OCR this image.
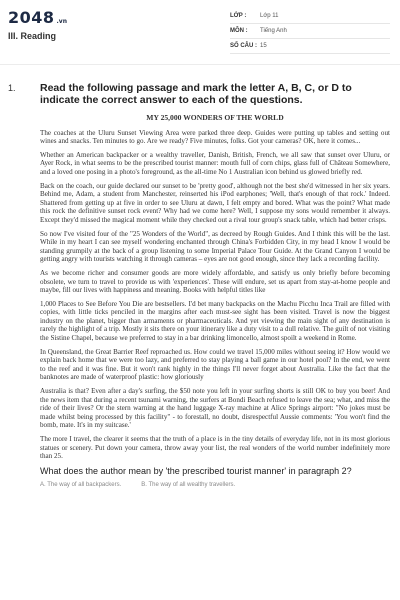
2048 .vn
III. Reading
LỚP :	Lớp 11
MÔN :	Tiếng Anh
SỐ CÂU : 15
1.	Read the following passage and mark the letter A, B, C, or D to indicate the correct answer to each of the questions.
MY 25,000 WONDERS OF THE WORLD

The coaches at the Uluru Sunset Viewing Area were parked three deep. Guides were putting up tables and setting out wines and snacks. Ten minutes to go. Are we ready? Five minutes, folks. Got your cameras? OK, here it comes...

Whether an American backpacker or a wealthy traveller, Danish, British, French, we all saw that sunset over Uluru, or Ayer Rock, in what seems to be the prescribed tourist manner: mouth full of corn chips, glass full of Château Somewhere, and a loved one posing in a photo's foreground, as the all-time No 1 Australian icon behind us glowed briefly red.

Back on the coach, our guide declared our sunset to be 'pretty good', although not the best she'd witnessed in her six years. Behind me, Adam, a student from Manchester, reinserted his iPod earphones; 'Well, that's enough of that rock.' Indeed. Shattered from getting up at five in order to see Uluru at dawn, I felt empty and bored. What was the point? What made this rock the definitive sunset rock event? Why had we come here? Well, I suppose my sons would remember it always. Except they'd missed the magical moment while they checked out a rival tour group's snack table, which had better crisps.

So now I've visited four of the "25 Wonders of the World", as decreed by Rough Guides. And I think this will be the last. While in my heart I can see myself wondering enchanted through China's Forbidden City, in my head I know I would be standing grumpily at the back of a group listening to some Imperial Palace Tour Guide. At the Grand Canyon I would be getting angry with tourists watching it through cameras – eyes are not good enough, since they lack a recording facility.

As we become richer and consumer goods are more widely affordable, and satisfy us only briefly before becoming obsolete, we turn to travel to provide us with 'experiences'. These will endure, set us apart from stay-at-home people and maybe, fill our lives with happiness and meaning. Books with helpful titles like

1,000 Places to See Before You Die are bestsellers. I'd bet many backpacks on the Machu Picchu Inca Trail are filled with copies, with little ticks penciled in the margins after each must-see sight has been visited. Travel is now the biggest industry on the planet, bigger than armaments or pharmaceuticals. And yet viewing the main sight of any destination is rarely the highlight of a trip. Mostly it sits there on your itinerary like a duty visit to a dull relative. The guilt of not visiting the Sistine Chapel, because we preferred to stay in a bar drinking limoncello, almost spoilt a weekend in Rome.

In Queensland, the Great Barrier Reef reproached us. How could we travel 15,000 miles without seeing it? How would we explain back home that we were too lazy, and preferred to stay playing a ball game in our hotel pool? In the end, we went to the reef and it was fine. But it won't rank highly in the things I'll never forget about Australia. Like the fact that the banknotes are made of waterproof plastic: how gloriously

Australia is that? Even after a day's surfing, the $50 note you left in your surfing shorts is still OK to buy you beer! And the news item that during a recent tsunami warning, the surfers at Bondi Beach refused to leave the sea; what, and miss the ride of their lives? Or the stern warning at the hand luggage X-ray machine at Alice Springs airport: "No jokes must be made whilst being processed by this facility" - to forestall, no doubt, disrespectful Aussie comments: 'You won't find the bomb, mate. It's in my suitcase.'

The more I travel, the clearer it seems that the truth of a place is in the tiny details of everyday life, not in its most glorious statues or scenery. Put down your camera, throw away your list, the real wonders of the world number indefinitely more than 25.

What does the author mean by 'the prescribed tourist manner' in paragraph 2?
A. The way of all backpackers.	B. The way of all wealthy travellers.
